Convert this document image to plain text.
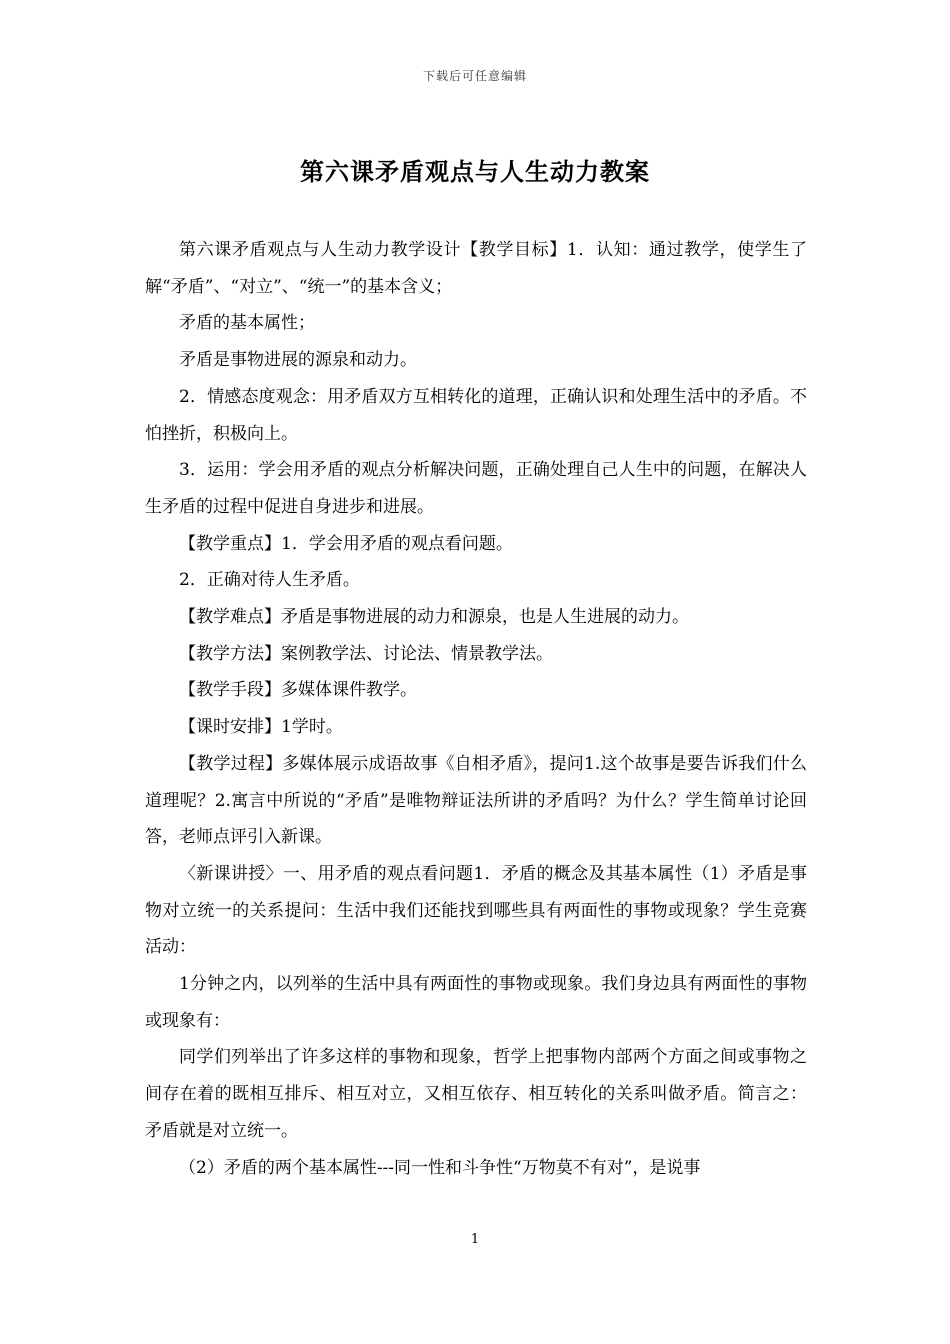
下载后可任意编辑
第六课矛盾观点与人生动力教案

第六课矛盾观点与人生动力教学设计【教学目标】1．认知：通过教学，使学生了解“矛盾”、“对立”、“统一”的基本含义；

矛盾的基本属性；

矛盾是事物进展的源泉和动力。

2．情感态度观念：用矛盾双方互相转化的道理，正确认识和处理生活中的矛盾。不怕挫折，积极向上。

3．运用：学会用矛盾的观点分析解决问题，正确处理自己人生中的问题，在解决人生矛盾的过程中促进自身进步和进展。

【教学重点】1．学会用矛盾的观点看问题。

2．正确对待人生矛盾。

【教学难点】矛盾是事物进展的动力和源泉，也是人生进展的动力。

【教学方法】案例教学法、讨论法、情景教学法。

【教学手段】多媒体课件教学。

【课时安排】1学时。

【教学过程】多媒体展示成语故事《自相矛盾》，提问1.这个故事是要告诉我们什么道理呢？2.寓言中所说的“矛盾”是唯物辩证法所讲的矛盾吗？为什么？学生简单讨论回答，老师点评引入新课。

〈新课讲授〉一、用矛盾的观点看问题1．矛盾的概念及其基本属性（1）矛盾是事物对立统一的关系提问：生活中我们还能找到哪些具有两面性的事物或现象？学生竞赛活动：

1分钟之内，以列举的生活中具有两面性的事物或现象。我们身边具有两面性的事物或现象有：

同学们列举出了许多这样的事物和现象，哲学上把事物内部两个方面之间或事物之间存在着的既相互排斥、相互对立，又相互依存、相互转化的关系叫做矛盾。简言之：矛盾就是对立统一。

（2）矛盾的两个基本属性---同一性和斗争性“万物莫不有对”，是说事

1
